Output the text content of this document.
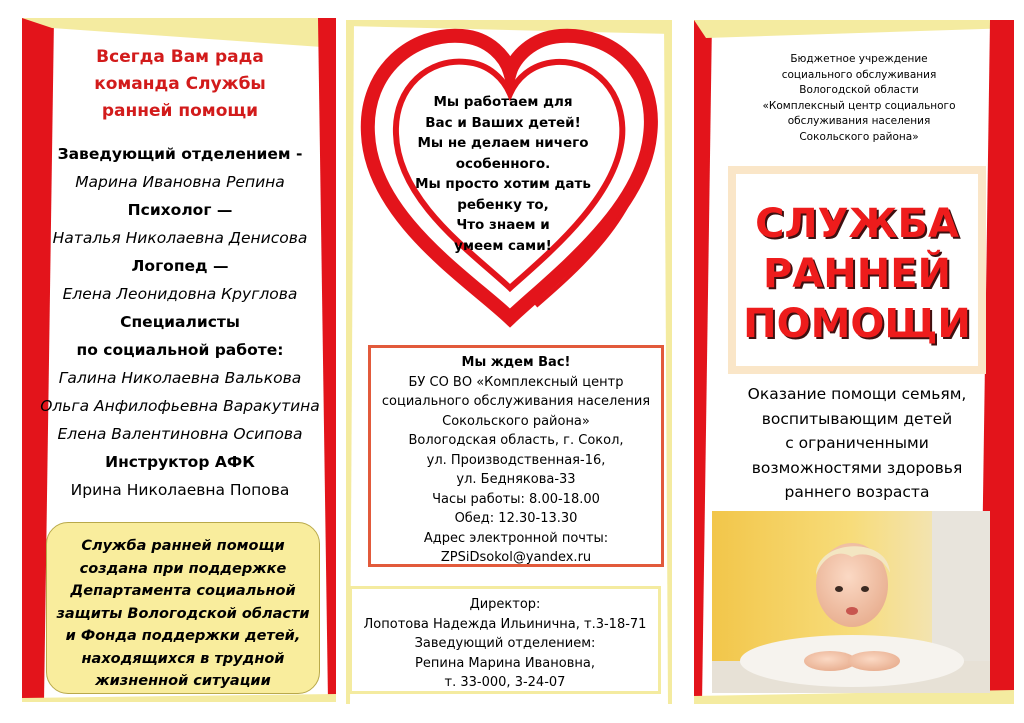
Всегда Вам рада
команда Службы
ранней помощи
Заведующий отделением -
Марина Ивановна Репина
Психолог —
Наталья Николаевна Денисова
Логопед —
Елена Леонидовна Круглова
Специалисты
по социальной работе:
Галина Николаевна Валькова
Ольга Анфилофьевна Варакутина
Елена Валентиновна Осипова
Инструктор АФК
Ирина Николаевна Попова
Служба ранней помощи
создана при поддержке
Департамента социальной
защиты Вологодской области
и Фонда поддержки детей,
находящихся в трудной
жизненной ситуации
Мы работаем для
Вас и Ваших детей!
Мы не делаем ничего
особенного.
Мы просто хотим дать
ребенку то,
Что знаем и
умеем сами!
Мы ждем Вас!
БУ СО ВО «Комплексный центр
социального обслуживания населения
Сокольского района»
Вологодская область, г. Сокол,
ул. Производственная-16,
ул. Беднякова-33
Часы работы: 8.00-18.00
Обед: 12.30-13.30
Адрес электронной почты:
ZPSiDsokol@yandex.ru
Директор:
Лопотова Надежда Ильинична, т.3-18-71
Заведующий отделением:
Репина Марина Ивановна,
т. 33-000, 3-24-07
Бюджетное учреждение
социального обслуживания
Вологодской области
«Комплексный центр социального
обслуживания населения
Сокольского района»
СЛУЖБА
РАННЕЙ
ПОМОЩИ
Оказание помощи семьям,
воспитывающим детей
с ограниченными
возможностями здоровья
раннего возраста
